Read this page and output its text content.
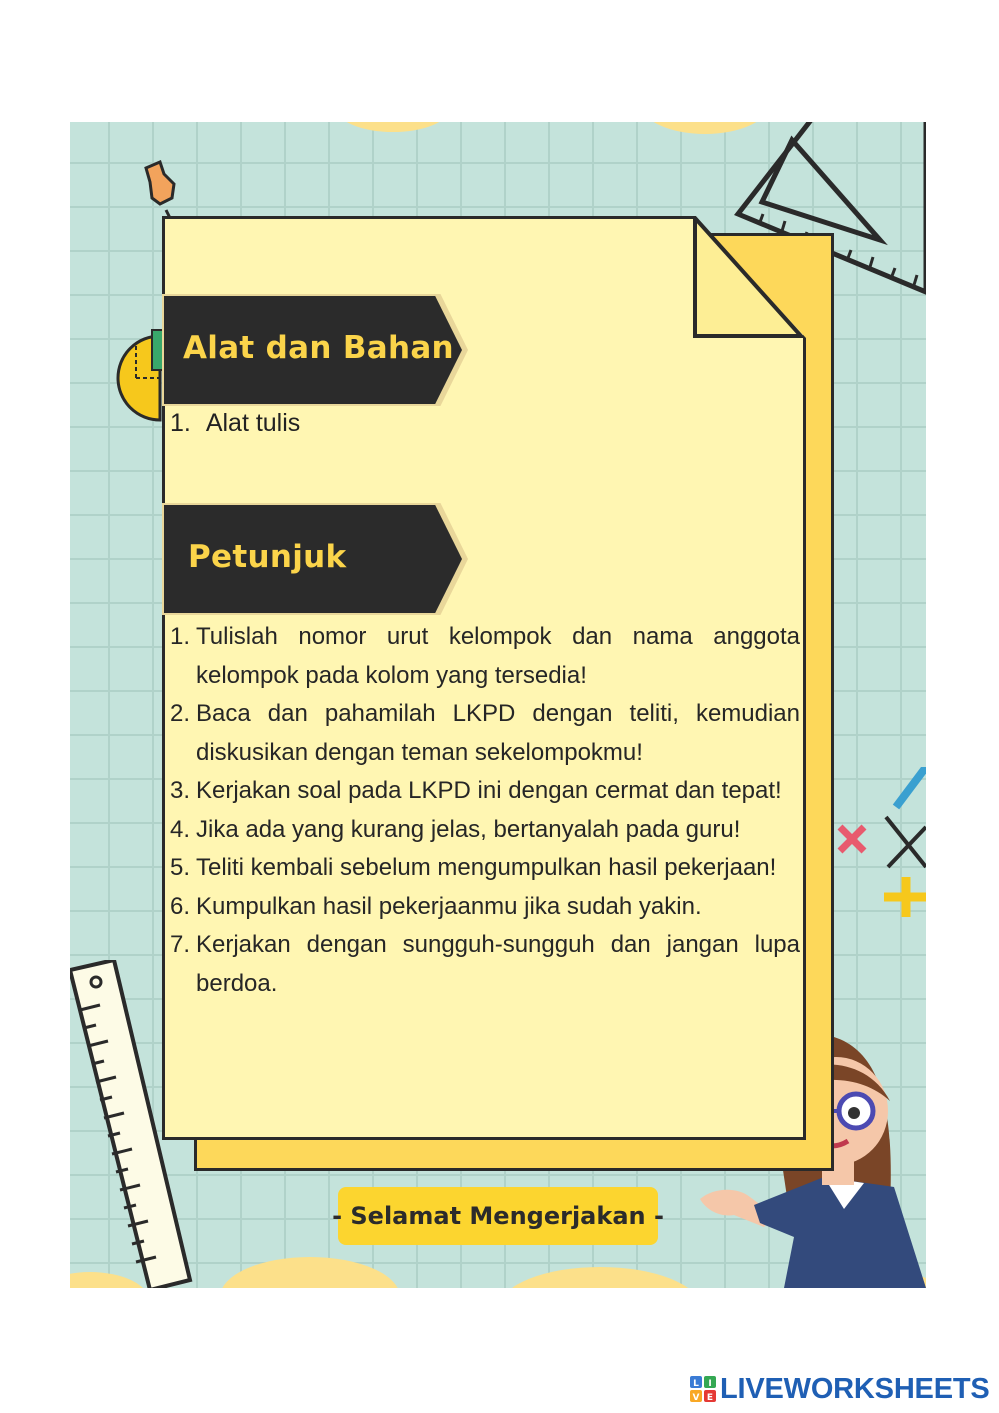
Alat dan Bahan
1. Alat tulis
Petunjuk
1. Tulislah nomor urut kelompok dan nama anggota kelompok pada kolom yang tersedia!
2. Baca dan pahamilah LKPD dengan teliti, kemudian diskusikan dengan teman sekelompokmu!
3. Kerjakan soal pada LKPD ini dengan cermat dan tepat!
4. Jika ada yang kurang jelas, bertanyalah pada guru!
5. Teliti kembali sebelum mengumpulkan hasil pekerjaan!
6. Kumpulkan hasil pekerjaanmu jika sudah yakin.
7. Kerjakan dengan sungguh-sungguh dan jangan lupa berdoa.
- Selamat Mengerjakan -
L I
V E LIVEWORKSHEETS
